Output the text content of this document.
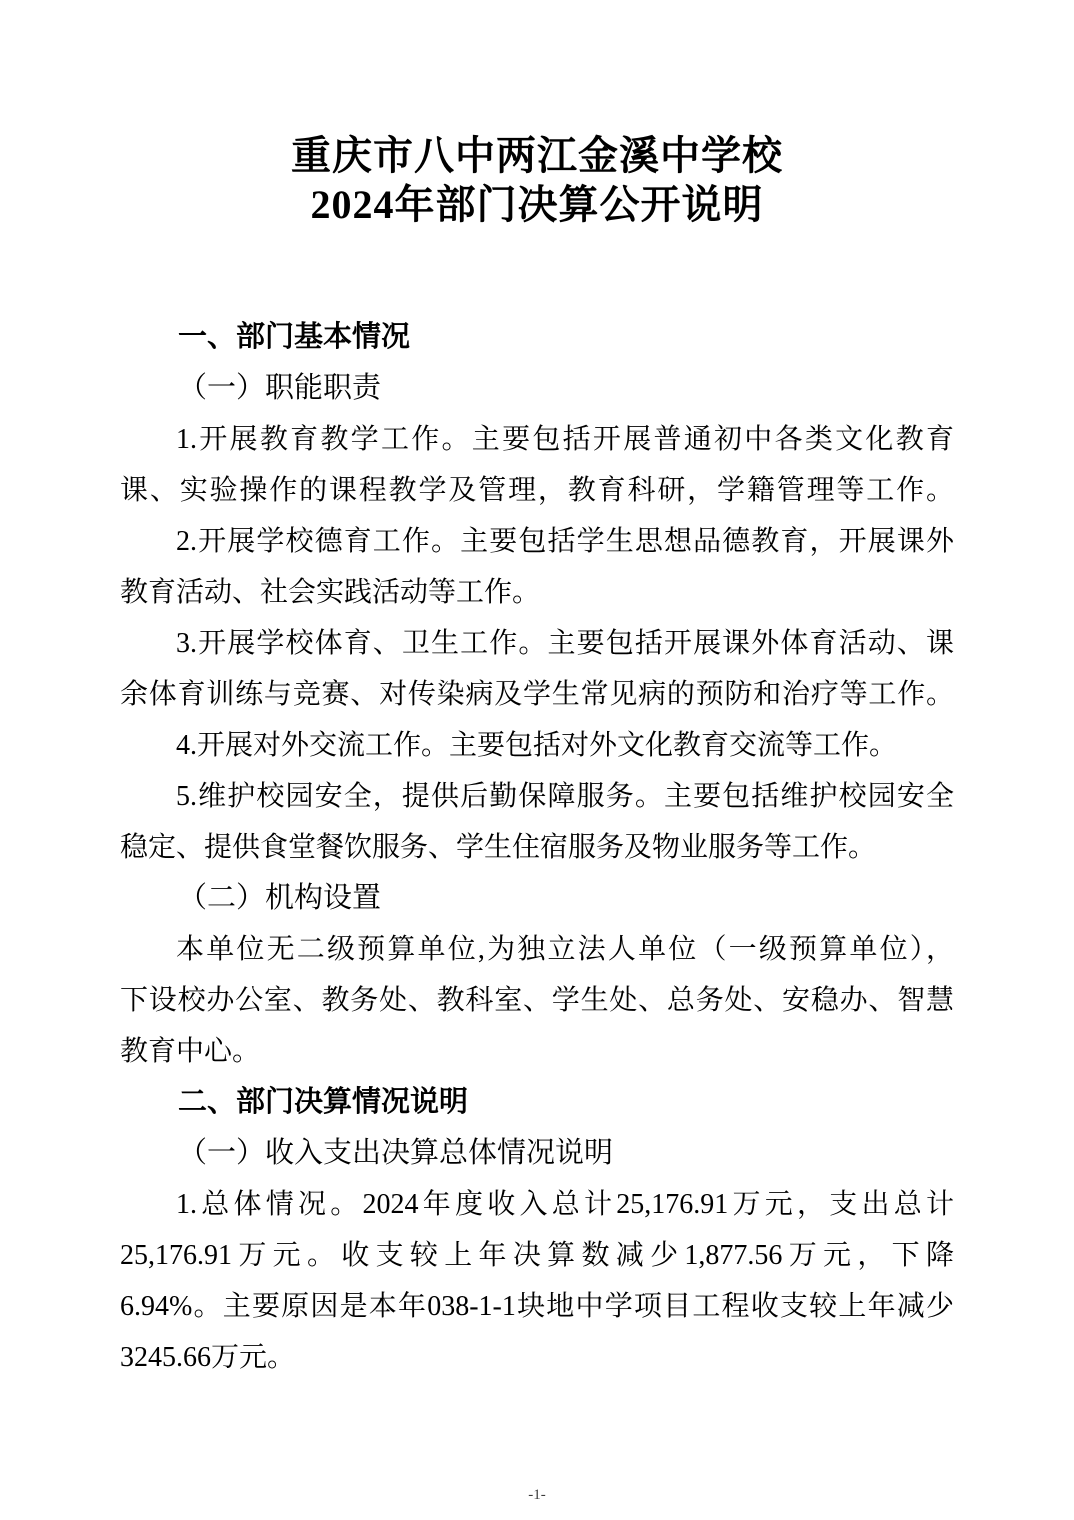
重庆市八中两江金溪中学校
2024年部门决算公开说明

一、部门基本情况

（一）职能职责

1.开展教育教学工作。主要包括开展普通初中各类文化教育
课、实验操作的课程教学及管理，教育科研，学籍管理等工作。

2.开展学校德育工作。主要包括学生思想品德教育，开展课外
教育活动、社会实践活动等工作。

3.开展学校体育、卫生工作。主要包括开展课外体育活动、课
余体育训练与竞赛、对传染病及学生常见病的预防和治疗等工作。

4.开展对外交流工作。主要包括对外文化教育交流等工作。

5.维护校园安全，提供后勤保障服务。主要包括维护校园安全
稳定、提供食堂餐饮服务、学生住宿服务及物业服务等工作。

（二）机构设置

本单位无二级预算单位,为独立法人单位（一级预算单位），
下设校办公室、教务处、教科室、学生处、总务处、安稳办、智慧
教育中心。

二、部门决算情况说明

（一）收入支出决算总体情况说明

1.总体情况。2024年度收入总计25,176.91万元，支出总计
25,176.91万元。收支较上年决算数减少1,877.56万元，下降
6.94%。主要原因是本年038-1-1块地中学项目工程收支较上年减少
3245.66万元。

-1-
